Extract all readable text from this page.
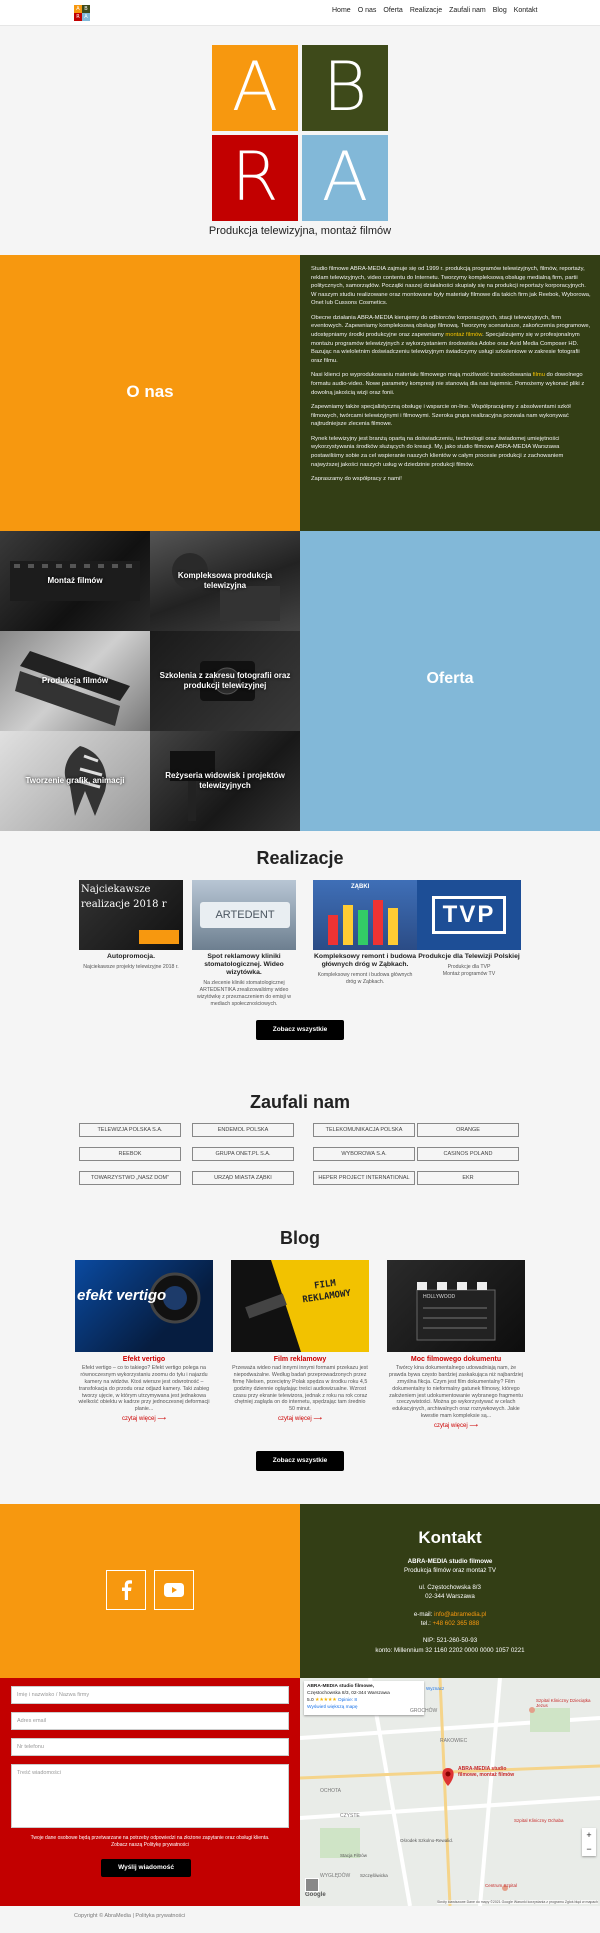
A B
R A
Home O nas Oferta Realizacje Zaufali nam Blog Kontakt
A B
R A
Produkcja telewizyjna, montaż filmów
O nas

Studio filmowe ABRA-MEDIA zajmuje się od 1999 r. produkcją programów telewizyjnych, filmów, reportaży, reklam telewizyjnych, video contentu do Internetu. Tworzymy kompleksową obsługę medialną firm, partii politycznych, samorządów. Początki naszej działalności skupiały się na produkcji reportaży korporacyjnych. W naszym studiu realizowane oraz montowane były materiały filmowe dla takich firm jak Reebok, Wyborowa, Onet lub Cussons Cosmetics.

Obecne działania ABRA-MEDIA kierujemy do odbiorców korporacyjnych, stacji telewizyjnych, firm eventowych. Zapewniamy kompleksową obsługę filmową. Tworzymy scenariusze, zakończenia programowe, udostępniamy środki produkcyjne oraz zapewniamy montaż filmów. Specjalizujemy się w profesjonalnym montażu programów telewizyjnych z wykorzystaniem środowiska Adobe oraz Avid Media Composer HD. Bazując na wieloletnim doświadczeniu telewizyjnym świadczymy usługi szkoleniowe w zakresie fotografii oraz filmu.

Nasi klienci po wyprodukowaniu materiału filmowego mają możliwość transkodowania filmu do dowolnego formatu audio-video. Nowe parametry kompresji nie stanowią dla nas tajemnic. Pomożemy wykonać pliki z dowolną jakością wizji oraz fonii.

Zapewniamy także specjalistyczną obsługę i wsparcie on-line. Współpracujemy z absolwentami szkół filmowych, twórcami telewizyjnymi i filmowymi. Szeroka grupa realizacyjna pozwala nam wykonywać najtrudniejsze zlecenia filmowe.

Rynek telewizyjny jest branżą opartą na doświadczeniu, technologii oraz świadomej umiejętności wykorzystywania środków służących do kreacji. My, jako studio filmowe ABRA-MEDIA Warszawa postawiliśmy sobie za cel wspieranie naszych klientów w całym procesie produkcji z zachowaniem najwyższej jakości naszych usług w dziedzinie produkcji filmów.

Zapraszamy do współpracy z nami!

Montaż filmów
Kompleksowa produkcja telewizyjna
Produkcja filmów
Szkolenia z zakresu fotografii oraz produkcji telewizyjnej
Tworzenie grafik, animacji
Reżyseria widowisk i projektów telewizyjnych
Oferta
Realizacje
Najciekawsze realizacje 2018 r
Autopromocja.
Najciekawsze projekty telewizyjne 2018 r.
ARTEDENT
Spot reklamowy kliniki stomatologicznej. Wideo wizytówka.
Na zlecenie kliniki stomatologicznej ARTEDENTIKA zrealizowaliśmy wideo wizytówkę z przeznaczeniem do emisji w mediach społecznościowych.
ZĄBKI
Kompleksowy remont i budowa głównych dróg w Ząbkach.
Kompleksowy remont i budowa głównych dróg w Ząbkach.
TVP
Produkcje dla Telewizji Polskiej
Produkcje dla TVP
Montaż programów TV
Zobacz wszystkie
Zaufali nam
TELEWIZJA POLSKA S.A.	ENDEMOL POLSKA	TELEKOMUNIKACJA POLSKA	ORANGE
REEBOK	GRUPA ONET.PL S.A.	WYBOROWA S.A.	CASINOS POLAND
TOWARZYSTWO „NASZ DOM”	URZĄD MIASTA ZĄBKI	HEPER PROJECT INTERNATIONAL	EKR
Blog
efekt vertigo
Efekt vertigo
Efekt vertigo – co to takiego? Efekt vertigo polega na równoczesnym wykorzystaniu zoomu do tyłu i najazdu kamery na widzów. Ktoś wiersze jest odwrotność – transfokacja do przodu oraz odjazd kamery. Taki zabieg tworzy ujęcie, w którym utrzymywana jest jednakowa wielkość obiektu w kadrze przy jednoczesnej deformacji planie...
czytaj więcej ⟶
FILM REKLAMOWY
Film reklamowy
Przeważa wideo nad innymi innymi formami przekazu jest niepodważalne. Według badań przeprowadzonych przez firmę Nielsen, przeciętny Polak spędza w środku roku 4,5 godziny dziennie oglądając treści audiowizualne. Wzrost czasu przy ekranie telewizora, jednak z roku na rok coraz chętniej zagląda on do internetu, spędzając tam średnio 50 minut.
czytaj więcej ⟶
HOLLYWOOD
Moc filmowego dokumentu
Twórcy kina dokumentalnego udowadniają nam, że prawda bywa często bardziej zaskakująca niż najbardziej zmyślna fikcja. Czym jest film dokumentalny? Film dokumentalny to nieformalny gatunek filmowy, którego założeniem jest udokumentowanie wybranego fragmentu rzeczywistości. Można go wykorzystywać w celach edukacyjnych, archiwalnych oraz rozrywkowych. Jakie kwestie mam kompleksie są...
czytaj więcej ⟶
Zobacz wszystkie
Kontakt
ABRA-MEDIA studio filmowe
Produkcja filmów oraz montaż TV
ul. Częstochowska 8/3
02-344 Warszawa
e-mail: info@abramedia.pl
tel.: +48 602 365 888
NIP: 521-260-50-93
konto: Millennium 32 1160 2202 0000 0000 1057 0221
Imię i nazwisko / Nazwa firmy
Adres email
Nr telefonu
Treść wiadomości
Twoje dane osobowe będą przetwarzane na potrzeby odpowiedzi na złożone zapytanie oraz obsługi klienta.
Zobacz naszą Politykę prywatności
Wyślij wiadomość
ABRA-MEDIA studio filmowe,
Częstochowska 8/3, 02-344 Warszawa
5.0 ★★★★★ Opinie: 8
Wyświetl większą mapę
Wyznacz
ABRA-MEDIA studio filmowe, montaż filmów
GROCHÓW
RAKOWIEC
OCHOTA
CZYSTE
WYGLĘDÓW
Szpital Kliniczny Dzieciątka Jezus
Szpital Kliniczny Ochaba
Ośrodek Szkolno-Rewalid.
Stacja Filtrów
Centrum Szpital
Szczęśliwicka
Google
+
−
Skróty klawiszowe Dane do mapy ©2021 Google Warunki korzystania z programu Zgłoś błąd w mapach
Copyright © AbraMedia | Polityka prywatności
